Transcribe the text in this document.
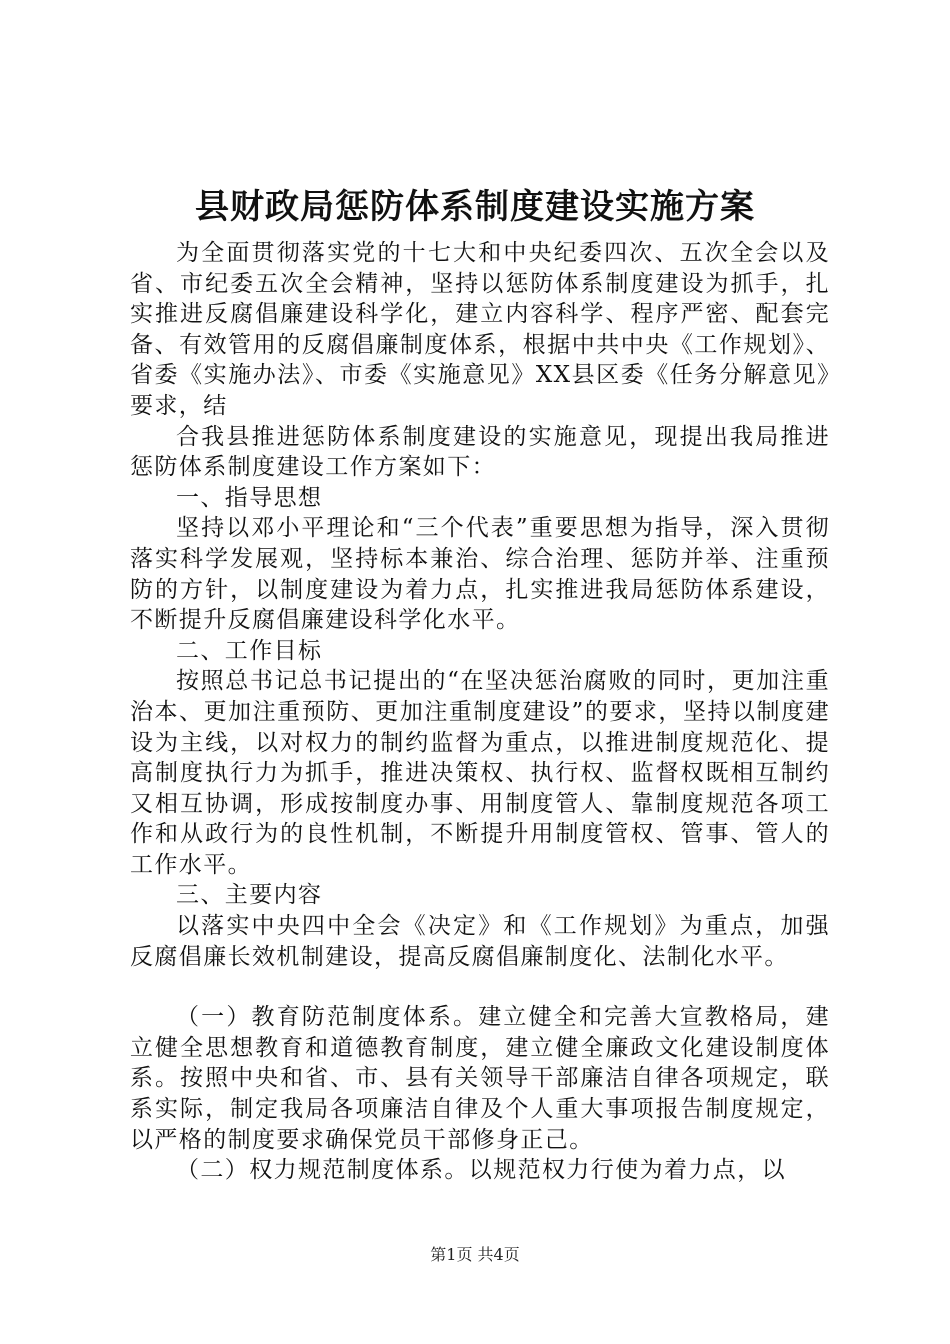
县财政局惩防体系制度建设实施方案

为全面贯彻落实党的十七大和中央纪委四次、五次全会以及省、市纪委五次全会精神，坚持以惩防体系制度建设为抓手，扎实推进反腐倡廉建设科学化，建立内容科学、程序严密、配套完备、有效管用的反腐倡廉制度体系，根据中共中央《工作规划》、省委《实施办法》、市委《实施意见》XX县区委《任务分解意见》要求，结

合我县推进惩防体系制度建设的实施意见，现提出我局推进惩防体系制度建设工作方案如下：

一、指导思想

坚持以邓小平理论和“三个代表”重要思想为指导，深入贯彻落实科学发展观，坚持标本兼治、综合治理、惩防并举、注重预防的方针，以制度建设为着力点，扎实推进我局惩防体系建设，不断提升反腐倡廉建设科学化水平。

二、工作目标

按照总书记总书记提出的“在坚决惩治腐败的同时，更加注重治本、更加注重预防、更加注重制度建设”的要求，坚持以制度建设为主线，以对权力的制约监督为重点，以推进制度规范化、提高制度执行力为抓手，推进决策权、执行权、监督权既相互制约又相互协调，形成按制度办事、用制度管人、靠制度规范各项工作和从政行为的良性机制，不断提升用制度管权、管事、管人的工作水平。

三、主要内容

以落实中央四中全会《决定》和《工作规划》为重点，加强反腐倡廉长效机制建设，提高反腐倡廉制度化、法制化水平。

（一）教育防范制度体系。建立健全和完善大宣教格局，建立健全思想教育和道德教育制度，建立健全廉政文化建设制度体系。按照中央和省、市、县有关领导干部廉洁自律各项规定，联系实际，制定我局各项廉洁自律及个人重大事项报告制度规定，以严格的制度要求确保党员干部修身正己。

（二）权力规范制度体系。以规范权力行使为着力点，以

第1页 共4页
